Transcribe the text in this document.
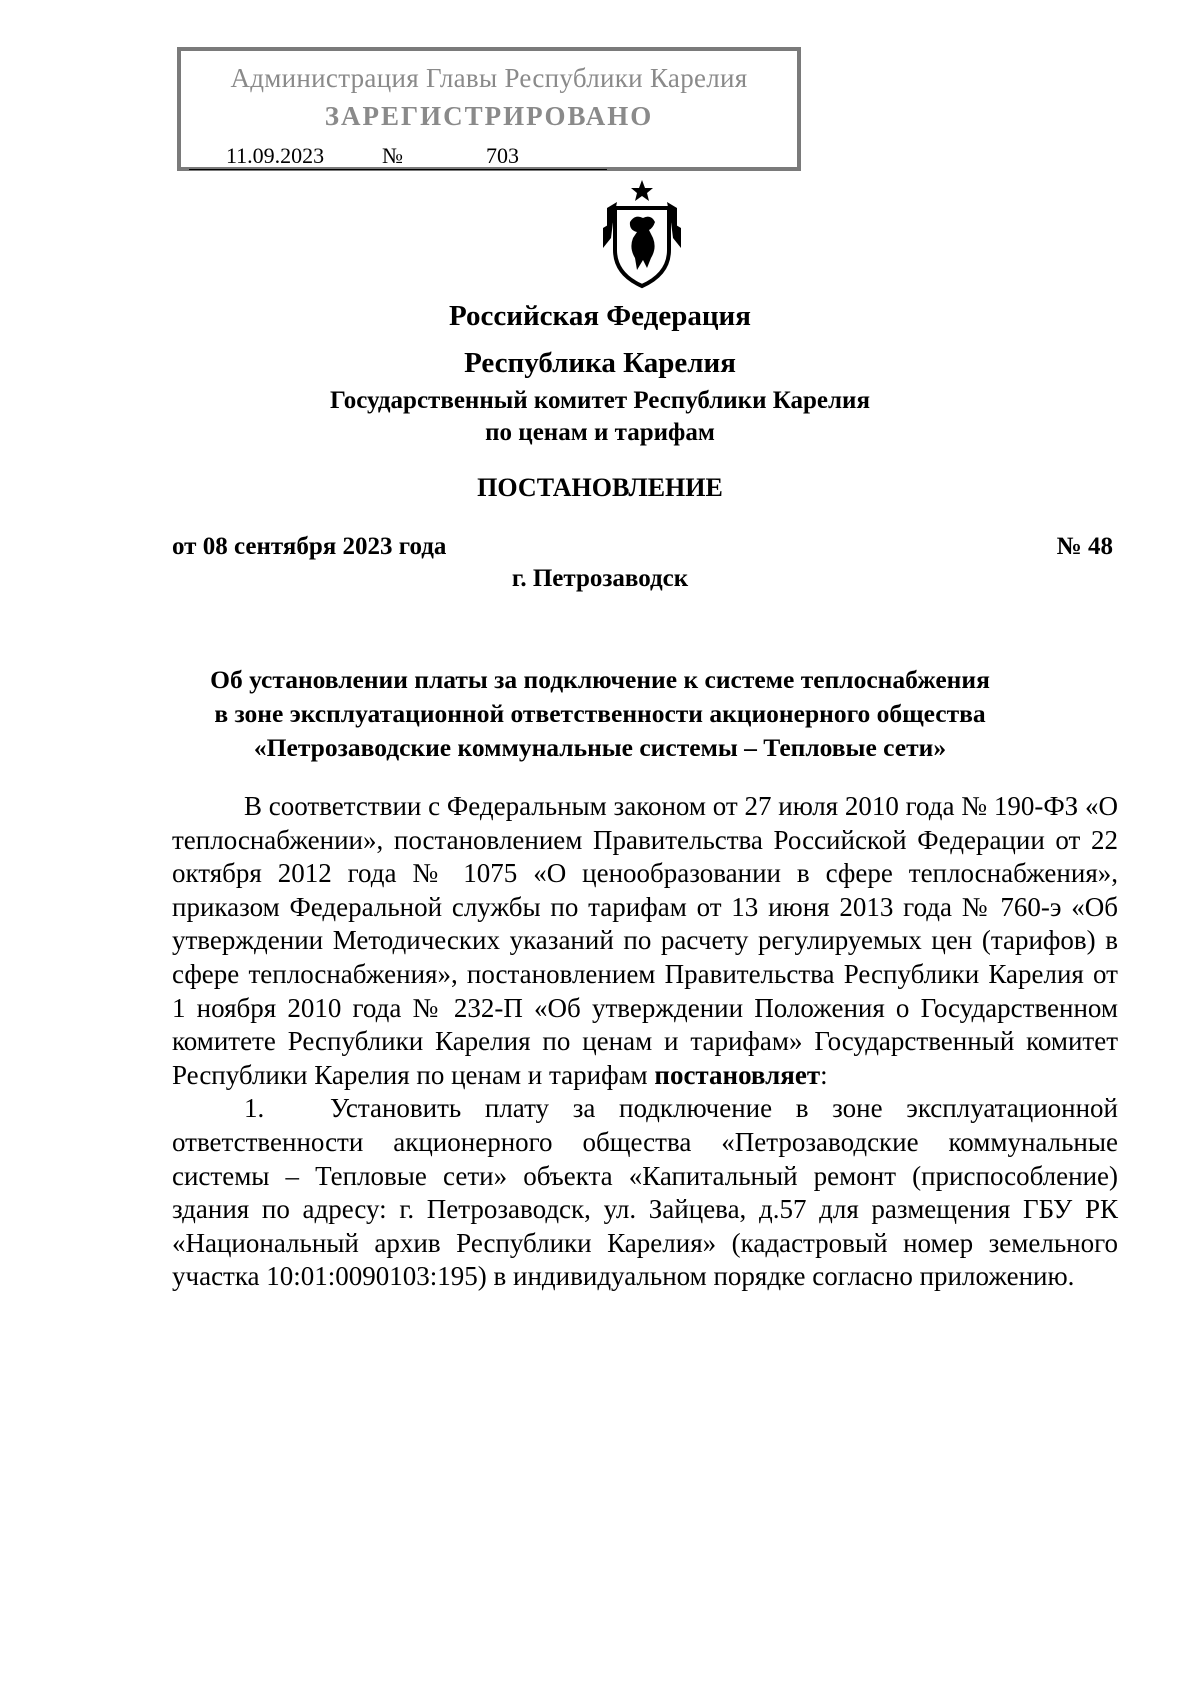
Администрация Главы Республики Карелия
ЗАРЕГИСТРИРОВАНО
11.09.2023	№	703
Российская Федерация
Республика Карелия
Государственный комитет Республики Карелия
по ценам и тарифам
ПОСТАНОВЛЕНИЕ
от 08 сентября 2023 года	№ 48
г. Петрозаводск
Об установлении платы за подключение к системе теплоснабжения
в зоне эксплуатационной ответственности акционерного общества
«Петрозаводские коммунальные системы – Тепловые сети»

В соответствии с Федеральным законом от 27 июля 2010 года № 190-ФЗ «О теплоснабжении», постановлением Правительства Российской Федерации от 22 октября 2012 года № 1075 «О ценообразовании в сфере теплоснабжения», приказом Федеральной службы по тарифам от 13 июня 2013 года № 760-э «Об утверждении Методических указаний по расчету регулируемых цен (тарифов) в сфере теплоснабжения», постановлением Правительства Республики Карелия от 1 ноября 2010 года № 232-П «Об утверждении Положения о Государственном комитете Республики Карелия по ценам и тарифам» Государственный комитет Республики Карелия по ценам и тарифам постановляет:

1. Установить плату за подключение в зоне эксплуатационной ответственности акционерного общества «Петрозаводские коммунальные системы – Тепловые сети» объекта «Капитальный ремонт (приспособление) здания по адресу: г. Петрозаводск, ул. Зайцева, д.57 для размещения ГБУ РК «Национальный архив Республики Карелия» (кадастровый номер земельного участка 10:01:0090103:195) в индивидуальном порядке согласно приложению.
